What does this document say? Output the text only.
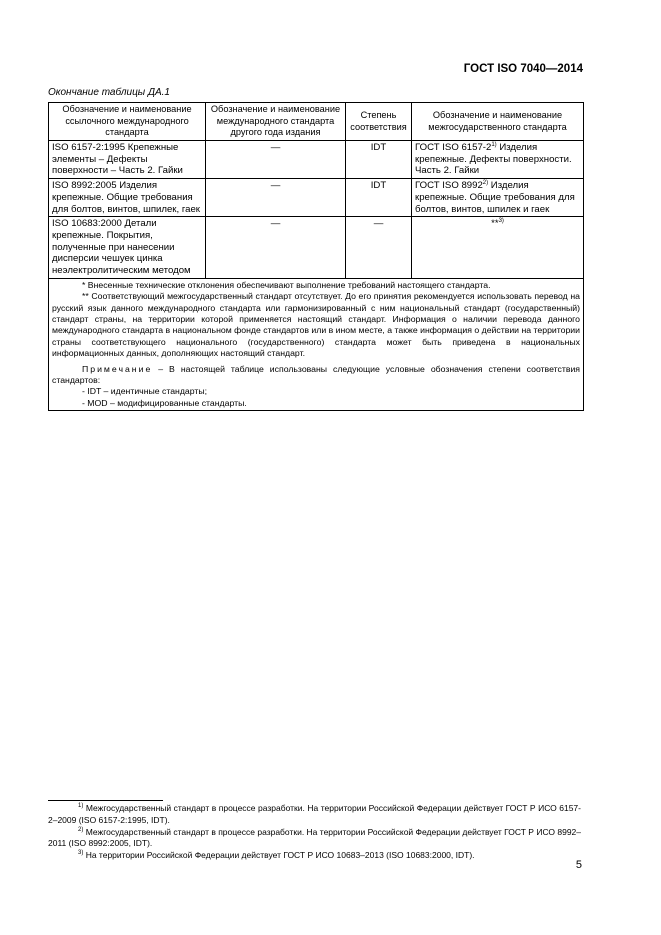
ГОСТ ISO 7040—2014
Окончание таблицы ДА.1
Обозначение и наименование ссылочного международного стандарта	Обозначение и наименование международного стандарта другого года издания	Степень соответствия	Обозначение и наименование межгосударственного стандарта
ISO 6157-2:1995 Крепежные элементы – Дефекты поверхности – Часть 2. Гайки	—	IDT	ГОСТ ISO 6157-2$^{1)}$ Изделия крепежные. Дефекты поверхности. Часть 2. Гайки
ISO 8992:2005 Изделия крепежные. Общие требования для болтов, винтов, шпилек, гаек	—	IDT	ГОСТ ISO 8992$^{2)}$ Изделия крепежные. Общие требования для болтов, винтов, шпилек и гаек
ISO 10683:2000 Детали крепежные. Покрытия, полученные при нанесении дисперсии чешуек цинка неэлектролитическим методом	—	—	**$^{3)}$

* Внесенные технические отклонения обеспечивают выполнение требований настоящего стандарта.

** Соответствующий межгосударственный стандарт отсутствует. До его принятия рекомендуется использовать перевод на русский язык данного международного стандарта или гармонизированный с ним национальный стандарт (государственный) стандарт страны, на территории которой применяется настоящий стандарт. Информация о наличии перевода данного международного стандарта в национальном фонде стандартов или в ином месте, а также информация о действии на территории страны соответствующего национального (государственного) стандарта может быть приведена в национальных информационных данных, дополняющих настоящий стандарт.

Примечание – В настоящей таблице использованы следующие условные обозначения степени соответствия стандартов:

- IDT – идентичные стандарты;

- MOD – модифицированные стандарты.			

$^{1)}$ Межгосударственный стандарт в процессе разработки. На территории Российской Федерации действует ГОСТ Р ИСО 6157-2–2009 (ISO 6157-2:1995, IDT).

$^{2)}$ Межгосударственный стандарт в процессе разработки. На территории Российской Федерации действует ГОСТ Р ИСО 8992–2011 (ISO 8992:2005, IDT).

$^{3)}$ На территории Российской Федерации действует ГОСТ Р ИСО 10683–2013 (ISO 10683:2000, IDT).

5
